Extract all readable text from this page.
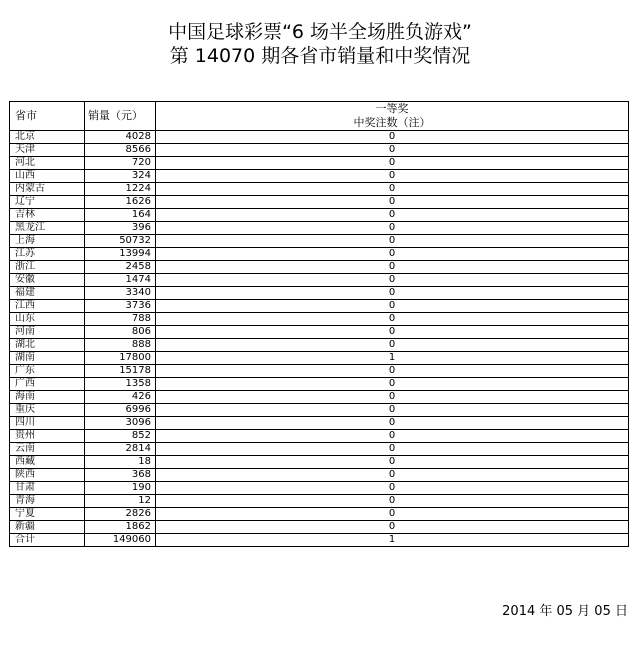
中国足球彩票“6 场半全场胜负游戏”
第 14070 期各省市销量和中奖情况
省市	销量（元）	一等奖
		中奖注数（注）
北京	4028	0
天津	8566	0
河北	720	0
山西	324	0
内蒙古	1224	0
辽宁	1626	0
吉林	164	0
黑龙江	396	0
上海	50732	0
江苏	13994	0
浙江	2458	0
安徽	1474	0
福建	3340	0
江西	3736	0
山东	788	0
河南	806	0
湖北	888	0
湖南	17800	1
广东	15178	0
广西	1358	0
海南	426	0
重庆	6996	0
四川	3096	0
贵州	852	0
云南	2814	0
西藏	18	0
陕西	368	0
甘肃	190	0
青海	12	0
宁夏	2826	0
新疆	1862	0
合计	149060	1
2014 年 05 月 05 日
